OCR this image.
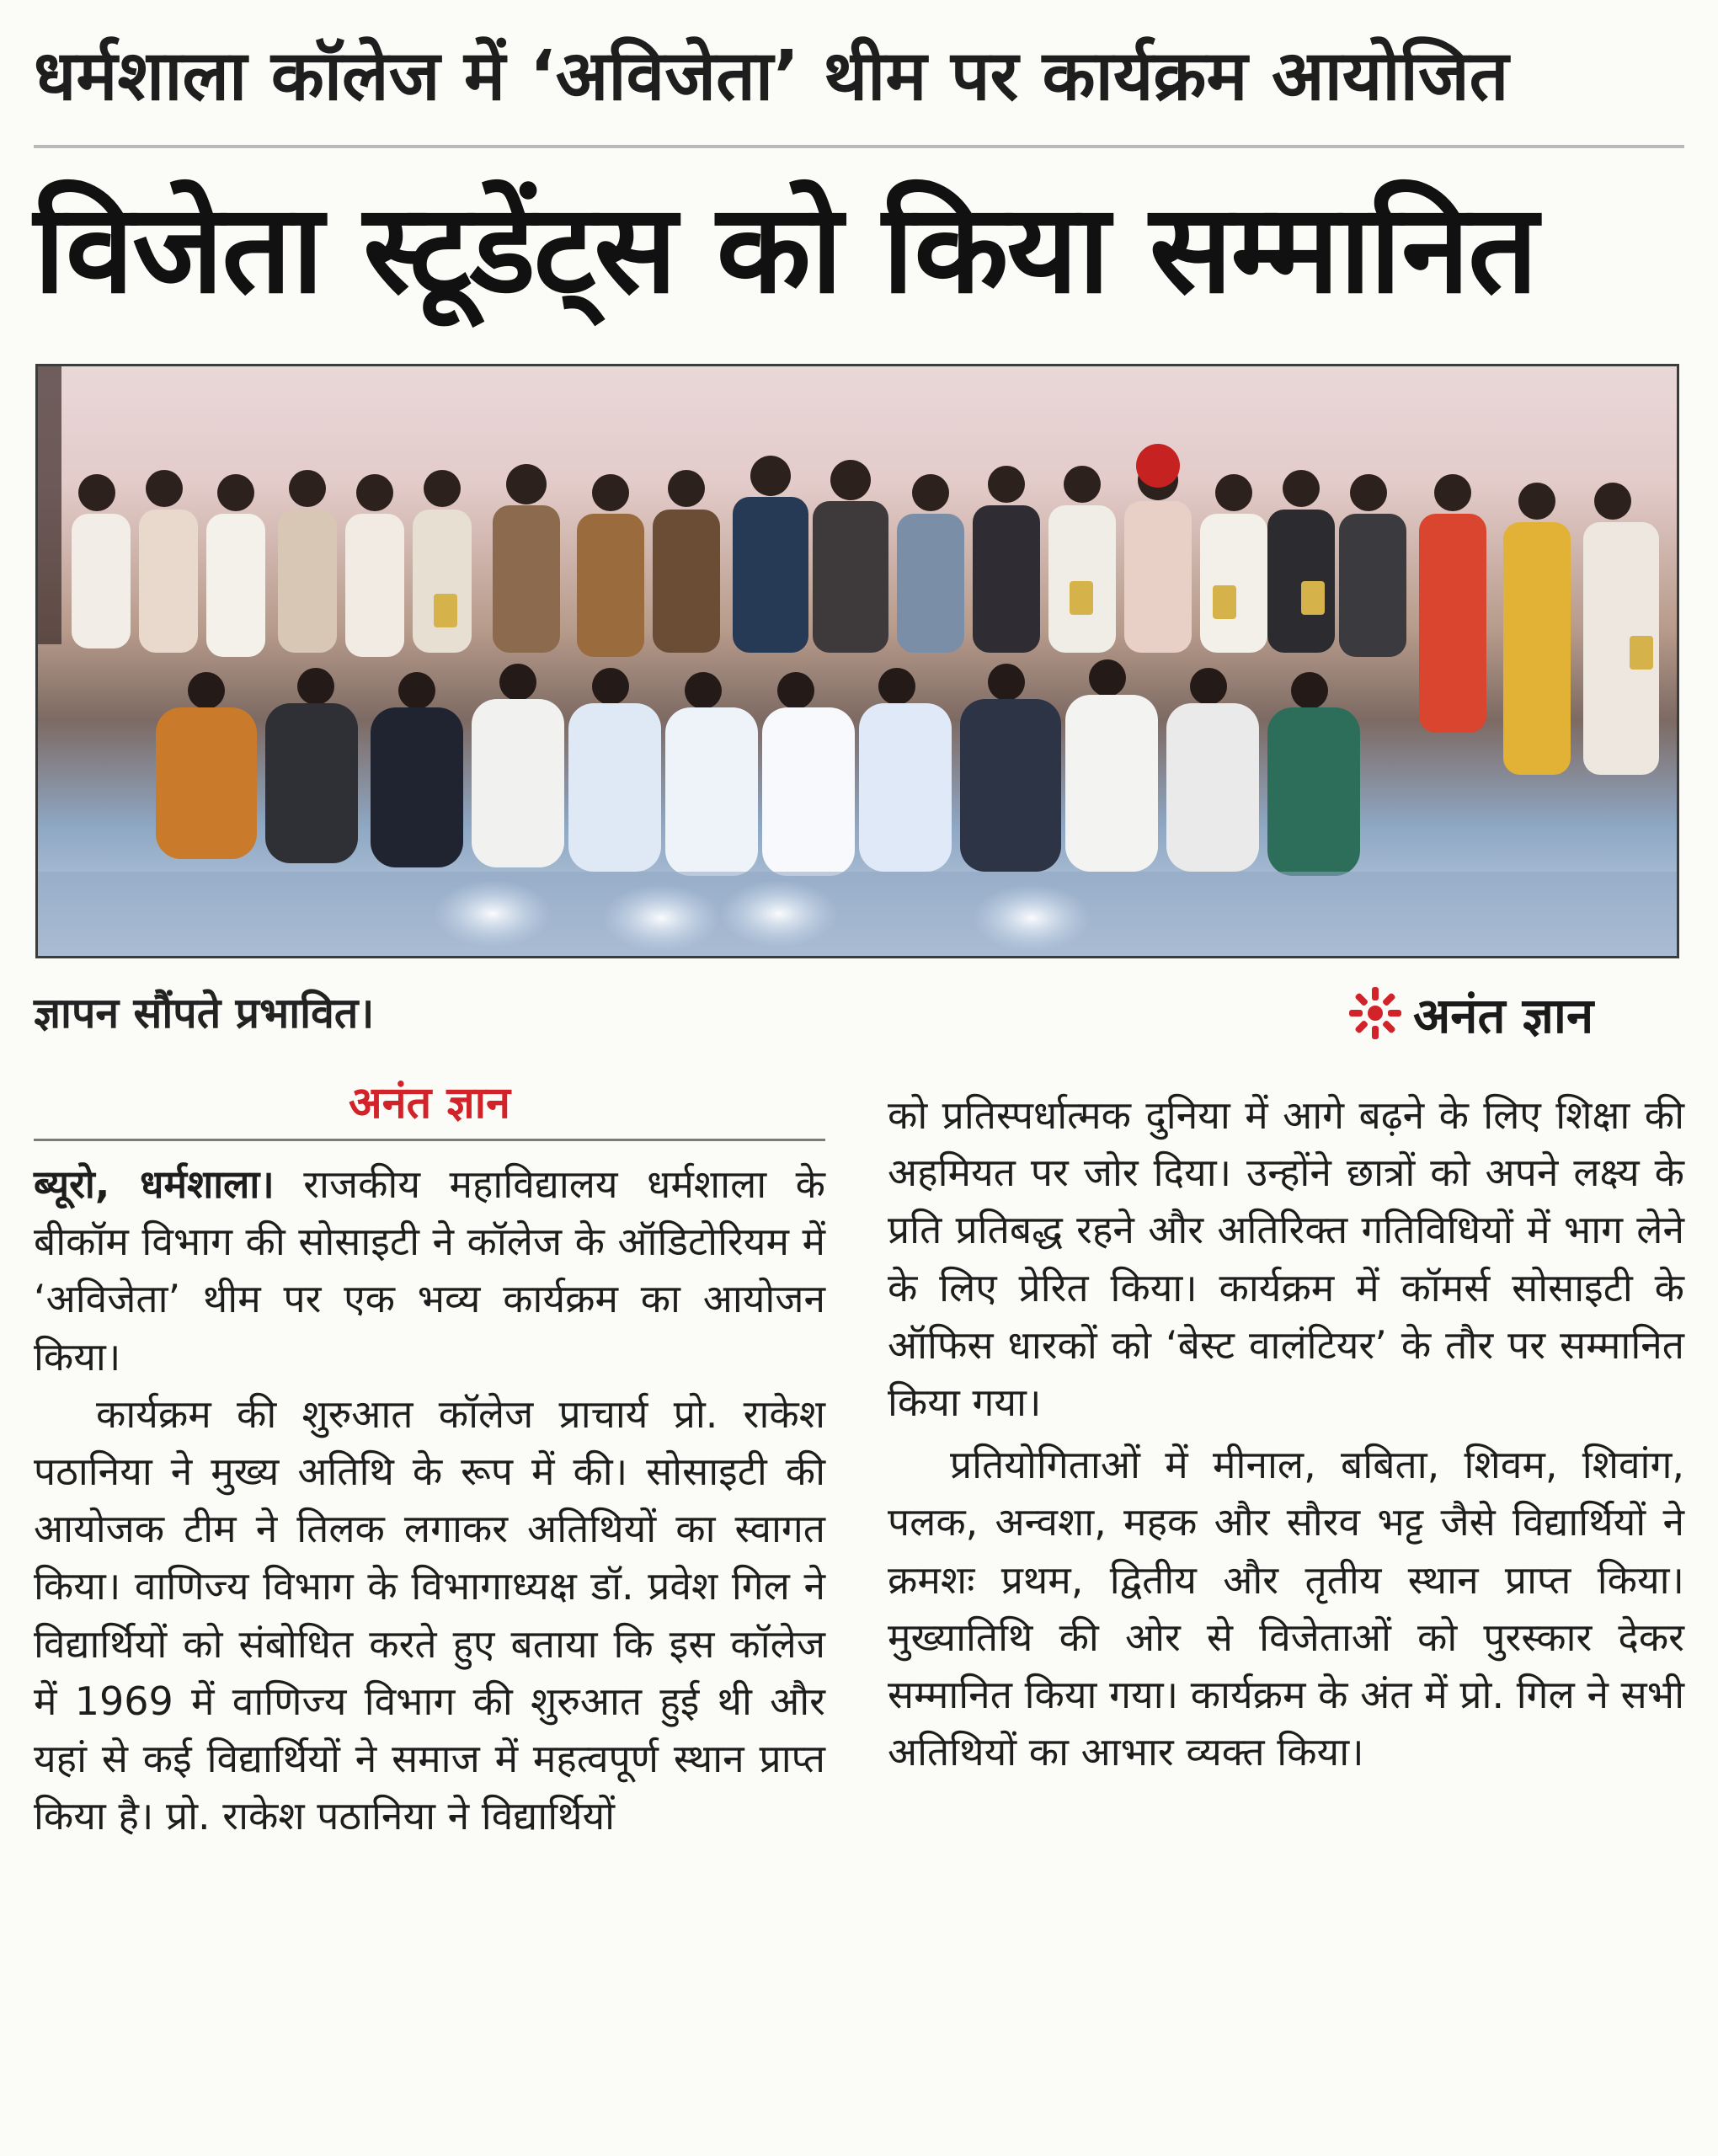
धर्मशाला कॉलेज में ‘अविजेता’ थीम पर कार्यक्रम आयोजित
विजेता स्टूडेंट्स को किया सम्मानित
ज्ञापन सौंपते प्रभावित।	अनंत ज्ञान
अनंत ज्ञान

ब्यूरो, धर्मशाला। राजकीय महाविद्यालय धर्मशाला के बीकॉम विभाग की सोसाइटी ने कॉलेज के ऑडिटोरियम में ‘अविजेता’ थीम पर एक भव्य कार्यक्रम का आयोजन किया।

कार्यक्रम की शुरुआत कॉलेज प्राचार्य प्रो. राकेश पठानिया ने मुख्य अतिथि के रूप में की। सोसाइटी की आयोजक टीम ने तिलक लगाकर अतिथियों का स्वागत किया। वाणिज्य विभाग के विभागाध्यक्ष डॉ. प्रवेश गिल ने विद्यार्थियों को संबोधित करते हुए बताया कि इस कॉलेज में 1969 में वाणिज्य विभाग की शुरुआत हुई थी और यहां से कई विद्यार्थियों ने समाज में महत्वपूर्ण स्थान प्राप्त किया है। प्रो. राकेश पठानिया ने विद्यार्थियों

को प्रतिस्पर्धात्मक दुनिया में आगे बढ़ने के लिए शिक्षा की अहमियत पर जोर दिया। उन्होंने छात्रों को अपने लक्ष्य के प्रति प्रतिबद्ध रहने और अतिरिक्त गतिविधियों में भाग लेने के लिए प्रेरित किया। कार्यक्रम में कॉमर्स सोसाइटी के ऑफिस धारकों को ‘बेस्ट वालंटियर’ के तौर पर सम्मानित किया गया।

प्रतियोगिताओं में मीनाल, बबिता, शिवम, शिवांग, पलक, अन्वशा, महक और सौरव भट्ट जैसे विद्यार्थियों ने क्रमशः प्रथम, द्वितीय और तृतीय स्थान प्राप्त किया। मुख्यातिथि की ओर से विजेताओं को पुरस्कार देकर सम्मानित किया गया। कार्यक्रम के अंत में प्रो. गिल ने सभी अतिथियों का आभार व्यक्त किया।
